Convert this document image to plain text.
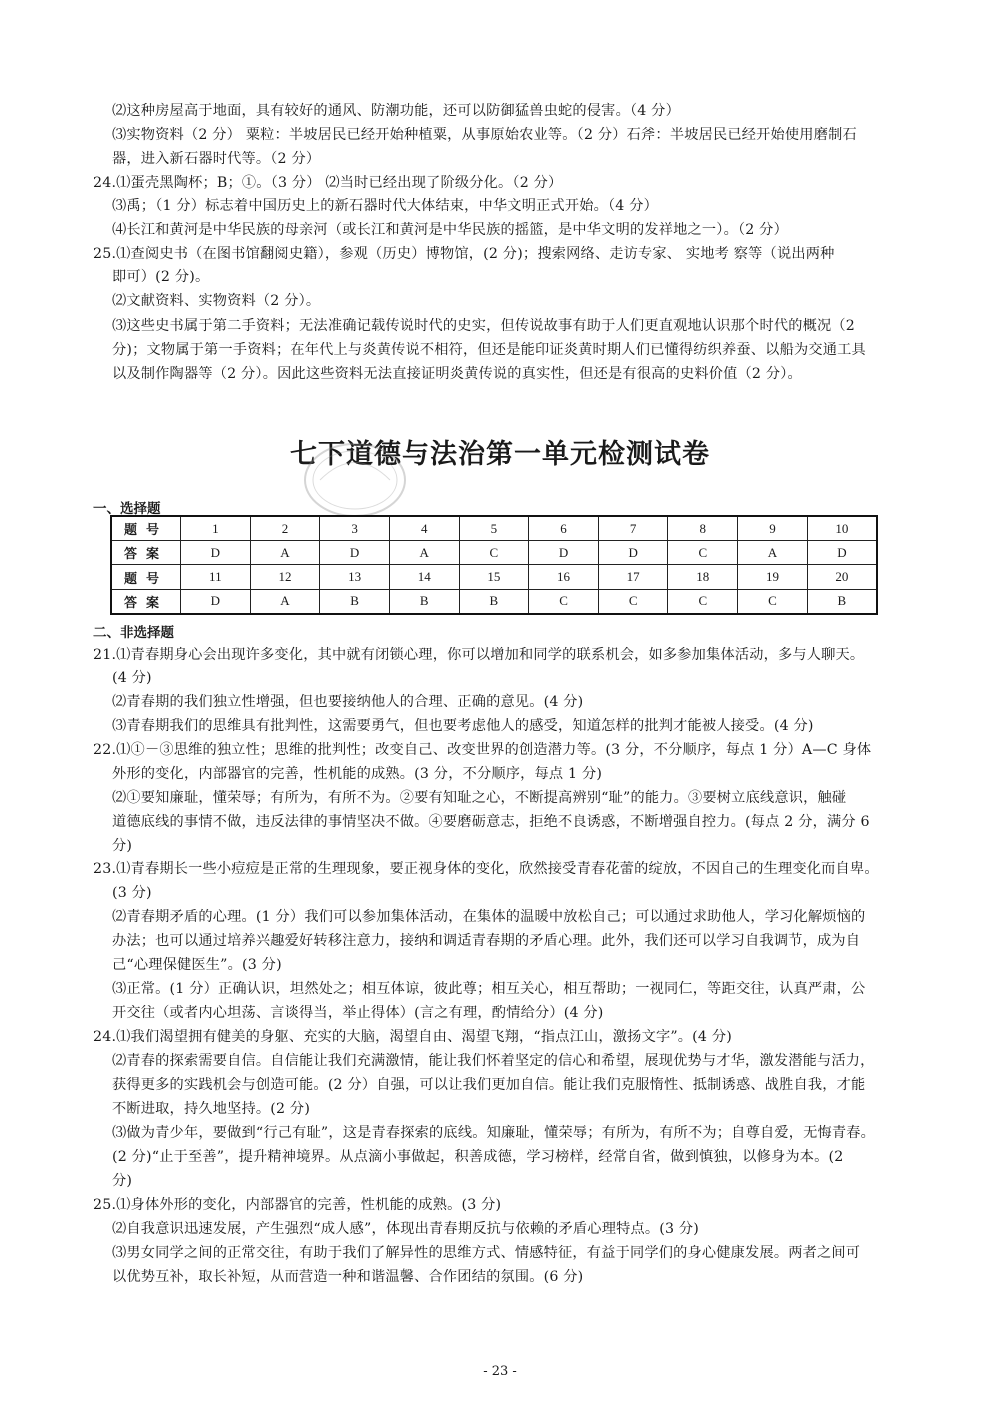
⑵这种房屋高于地面，具有较好的通风、防潮功能，还可以防御猛兽虫蛇的侵害。（4 分）
⑶实物资料（2 分） 粟粒：半坡居民已经开始种植粟，从事原始农业等。（2 分）石斧：半坡居民已经开始使用磨制石
器，进入新石器时代等。（2 分）
24.⑴蛋壳黑陶杯；B；①。（3 分） ⑵当时已经出现了阶级分化。（2 分）
⑶禹；（1 分）标志着中国历史上的新石器时代大体结束，中华文明正式开始。（4 分）
⑷长江和黄河是中华民族的母亲河（或长江和黄河是中华民族的摇篮，是中华文明的发祥地之一）。（2 分）
25.⑴查阅史书（在图书馆翻阅史籍），参观（历史）博物馆，(2 分)；搜索网络、走访专家、 实地考 察等（说出两种
即可）(2 分)。
⑵文献资料、实物资料（2 分）。
⑶这些史书属于第二手资料；无法准确记载传说时代的史实，但传说故事有助于人们更直观地认识那个时代的概况（2
分)；文物属于第一手资料；在年代上与炎黄传说不相符，但还是能印证炎黄时期人们已懂得纺织养蚕、以船为交通工具
以及制作陶器等（2 分）。因此这些资料无法直接证明炎黄传说的真实性，但还是有很高的史料价值（2 分）。
七下道德与法治第一单元检测试卷
一、选择题
题号	1	2	3	4	5	6	7	8	9	10
答案	D	A	D	A	C	D	D	C	A	D
题号	11	12	13	14	15	16	17	18	19	20
答案	D	A	B	B	B	C	C	C	C	B
二、非选择题
21.⑴青春期身心会出现许多变化，其中就有闭锁心理，你可以增加和同学的联系机会，如多参加集体活动，多与人聊天。
(4 分)
⑵青春期的我们独立性增强，但也要接纳他人的合理、正确的意见。(4 分)
⑶青春期我们的思维具有批判性，这需要勇气，但也要考虑他人的感受，知道怎样的批判才能被人接受。(4 分)
22.⑴①－③思维的独立性；思维的批判性；改变自己、改变世界的创造潜力等。(3 分，不分顺序，每点 1 分）A—C 身体
外形的变化，内部器官的完善，性机能的成熟。(3 分，不分顺序，每点 1 分)
⑵①要知廉耻，懂荣辱；有所为，有所不为。②要有知耻之心，不断提高辨别“耻”的能力。③要树立底线意识，触碰
道德底线的事情不做，违反法律的事情坚决不做。④要磨砺意志，拒绝不良诱惑，不断增强自控力。(每点 2 分，满分 6
分)
23.⑴青春期长一些小痘痘是正常的生理现象，要正视身体的变化，欣然接受青春花蕾的绽放，不因自己的生理变化而自卑。
(3 分)
⑵青春期矛盾的心理。(1 分）我们可以参加集体活动，在集体的温暖中放松自己；可以通过求助他人，学习化解烦恼的
办法；也可以通过培养兴趣爱好转移注意力，接纳和调适青春期的矛盾心理。此外，我们还可以学习自我调节，成为自
己“心理保健医生”。(3 分)
⑶正常。(1 分）正确认识，坦然处之；相互体谅，彼此尊；相互关心，相互帮助；一视同仁，等距交往，认真严肃，公
开交往（或者内心坦荡、言谈得当，举止得体）(言之有理，酌情给分）(4 分)
24.⑴我们渴望拥有健美的身躯、充实的大脑，渴望自由、渴望飞翔，“指点江山，激扬文字”。(4 分)
⑵青春的探索需要自信。自信能让我们充满激情，能让我们怀着坚定的信心和希望，展现优势与才华，激发潜能与活力，
获得更多的实践机会与创造可能。(2 分）自强，可以让我们更加自信。能让我们克服惰性、抵制诱惑、战胜自我，才能
不断进取，持久地坚持。(2 分)
⑶做为青少年，要做到“行己有耻”，这是青春探索的底线。知廉耻，懂荣辱；有所为，有所不为；自尊自爱，无悔青春。
(2 分)“止于至善”，提升精神境界。从点滴小事做起，积善成德，学习榜样，经常自省，做到慎独，以修身为本。(2
分)
25.⑴身体外形的变化，内部器官的完善，性机能的成熟。(3 分)
⑵自我意识迅速发展，产生强烈“成人感”，体现出青春期反抗与依赖的矛盾心理特点。(3 分)
⑶男女同学之间的正常交往，有助于我们了解异性的思维方式、情感特征，有益于同学们的身心健康发展。两者之间可
以优势互补，取长补短，从而营造一种和谐温馨、合作团结的氛围。(6 分)
- 23 -
